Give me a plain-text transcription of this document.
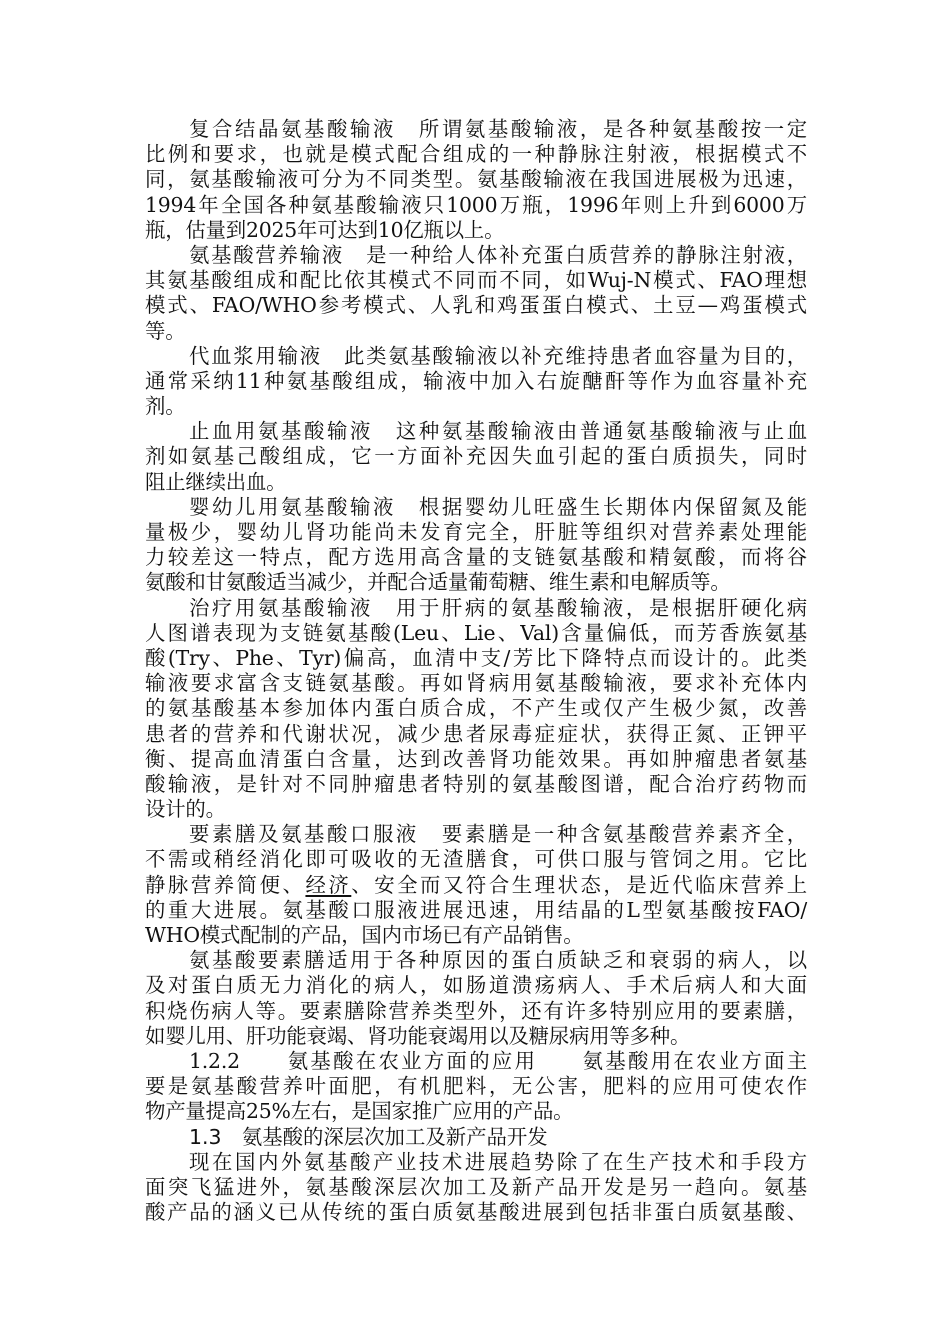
复合结晶氨基酸输液　所谓氨基酸输液，是各种氨基酸按一定
比例和要求，也就是模式配合组成的一种静脉注射液，根据模式不
同，氨基酸输液可分为不同类型。氨基酸输液在我国进展极为迅速，
1994年全国各种氨基酸输液只1000万瓶，1996年则上升到6000万
瓶，估量到2025年可达到10亿瓶以上。
氨基酸营养输液　是一种给人体补充蛋白质营养的静脉注射液，
其氨基酸组成和配比依其模式不同而不同，如Wuj-N模式、FAO理想
模式、FAO/WHO参考模式、人乳和鸡蛋蛋白模式、土豆—鸡蛋模式
等。
代血浆用输液　此类氨基酸输液以补充维持患者血容量为目的，
通常采纳11种氨基酸组成，输液中加入右旋醣酐等作为血容量补充
剂。
止血用氨基酸输液　这种氨基酸输液由普通氨基酸输液与止血
剂如氨基己酸组成，它一方面补充因失血引起的蛋白质损失，同时
阻止继续出血。
婴幼儿用氨基酸输液　根据婴幼儿旺盛生长期体内保留氮及能
量极少，婴幼儿肾功能尚未发育完全，肝脏等组织对营养素处理能
力较差这一特点，配方选用高含量的支链氨基酸和精氨酸，而将谷
氨酸和甘氨酸适当减少，并配合适量葡萄糖、维生素和电解质等。
治疗用氨基酸输液　用于肝病的氨基酸输液，是根据肝硬化病
人图谱表现为支链氨基酸(Leu、Lie、Val)含量偏低，而芳香族氨基
酸(Try、Phe、Tyr)偏高，血清中支/芳比下降特点而设计的。此类
输液要求富含支链氨基酸。再如肾病用氨基酸输液，要求补充体内
的氨基酸基本参加体内蛋白质合成，不产生或仅产生极少氮，改善
患者的营养和代谢状况，减少患者尿毒症症状，获得正氮、正钾平
衡、提高血清蛋白含量，达到改善肾功能效果。再如肿瘤患者氨基
酸输液，是针对不同肿瘤患者特别的氨基酸图谱，配合治疗药物而
设计的。
要素膳及氨基酸口服液　要素膳是一种含氨基酸营养素齐全，
不需或稍经消化即可吸收的无渣膳食，可供口服与管饲之用。它比
静脉营养简便、经济、安全而又符合生理状态，是近代临床营养上
的重大进展。氨基酸口服液进展迅速，用结晶的L型氨基酸按FAO/
WHO模式配制的产品，国内市场已有产品销售。
氨基酸要素膳适用于各种原因的蛋白质缺乏和衰弱的病人，以
及对蛋白质无力消化的病人，如肠道溃疡病人、手术后病人和大面
积烧伤病人等。要素膳除营养类型外，还有许多特别应用的要素膳，
如婴儿用、肝功能衰竭、肾功能衰竭用以及糖尿病用等多种。
1.2.2　　氨基酸在农业方面的应用　　氨基酸用在农业方面主
要是氨基酸营养叶面肥，有机肥料，无公害，肥料的应用可使农作
物产量提高25%左右，是国家推广应用的产品。
1.3　氨基酸的深层次加工及新产品开发
现在国内外氨基酸产业技术进展趋势除了在生产技术和手段方
面突飞猛进外，氨基酸深层次加工及新产品开发是另一趋向。氨基
酸产品的涵义已从传统的蛋白质氨基酸进展到包括非蛋白质氨基酸、
